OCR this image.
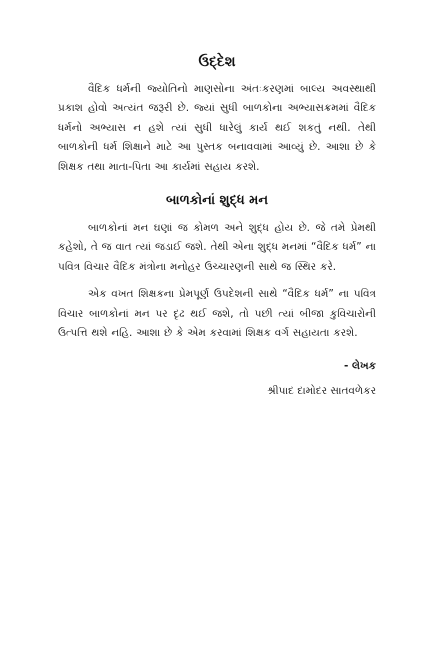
ઉદ્દેશ

વૈદિક ધર્મની જ્યોતિનો માણસોના અંતઃકરણમાં બાલ્ય અવસ્થાથી પ્રકાશ હોવો અત્યંત જરૂરી છે. જ્યાં સુધી બાળકોના અભ્યાસક્રમમાં વૈદિક ધર્મનો અભ્યાસ ન હશે ત્યાં સુધી ધારેલું કાર્ય થઈ શકતું નથી. તેથી બાળકોની ધર્મ શિક્ષાને માટે આ પુસ્તક બનાવવામાં આવ્યું છે. આશા છે કે શિક્ષક તથા માતા-પિતા આ કાર્યમાં સહાય કરશે.

બાળકોનાં શુદ્ધ મન

બાળકોનાં મન ઘણાં જ કોમળ અને શુદ્ધ હોય છે. જે તમે પ્રેમથી કહેશો, તે જ વાત ત્યાં જડાઈ જશે. તેથી એના શુદ્ધ મનમાં “વૈદિક ધર્મ” ના પવિત્ર વિચાર વૈદિક મંત્રોના મનોહર ઉચ્ચારણની સાથે જ સ્થિર કરે.

એક વખત શિક્ષકના પ્રેમપૂર્ણ ઉપદેશની સાથે “વૈદિક ધર્મ” ના પવિત્ર વિચાર બાળકોનાં મન પર દૃઢ થઈ જશે, તો પછી ત્યાં બીજા કુવિચારોની ઉત્પત્તિ થશે નહિ. આશા છે કે એમ કરવામાં શિક્ષક વર્ગ સહાયતા કરશે.

- લેખક
શ્રીપાદ દામોદર સાતવળેકર
